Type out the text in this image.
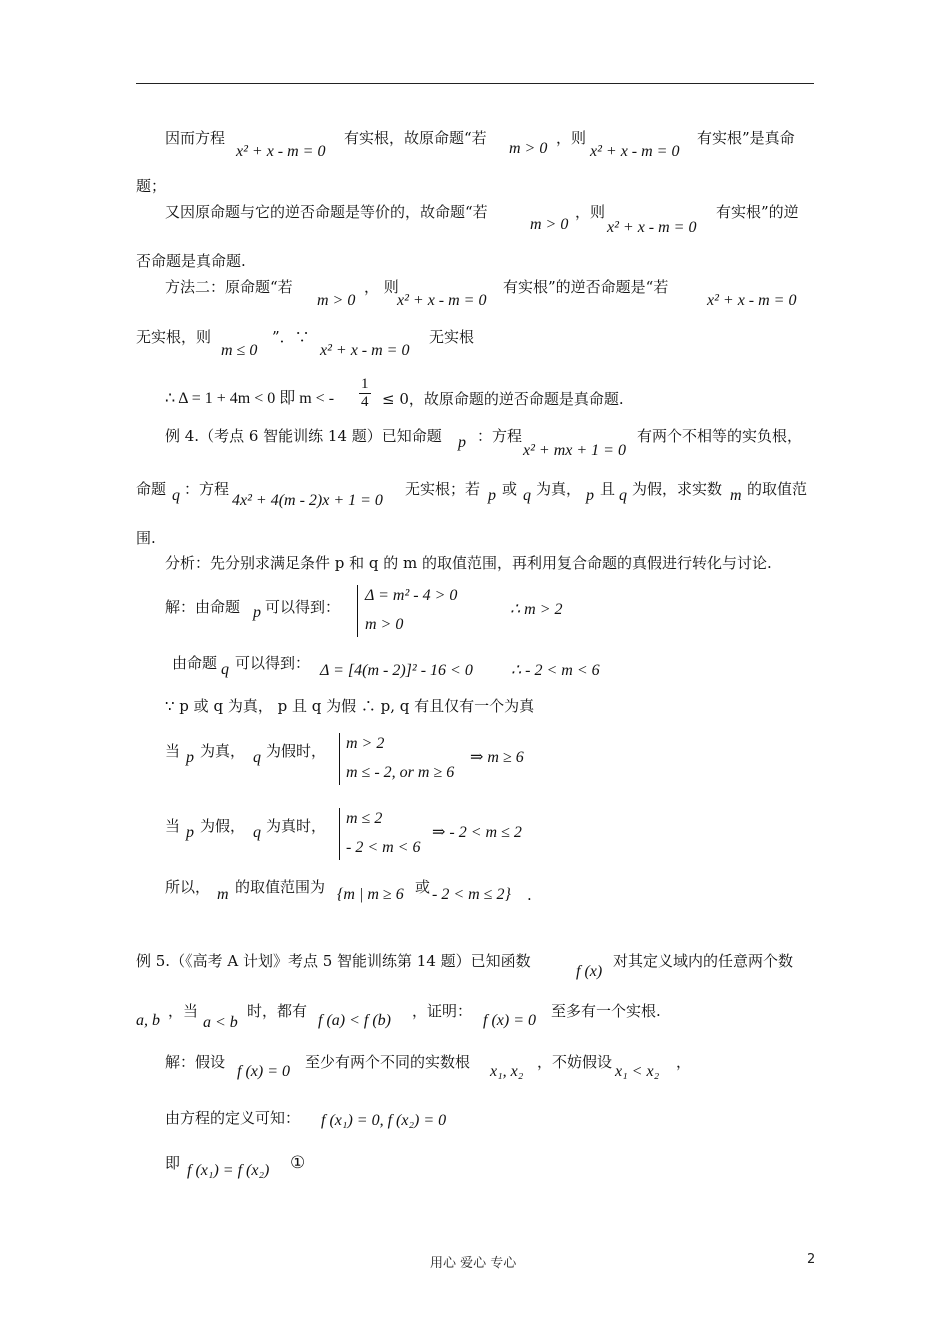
因而方程
x² + x - m = 0
有实根，故原命题“若
m > 0
，则
x² + x - m = 0
有实根”是真命
题；
又因原命题与它的逆否命题是等价的，故命题“若
m > 0
，则
x² + x - m = 0
有实根”的逆
否命题是真命题.
方法二：原命题“若
m > 0
， 则
x² + x - m = 0
有实根”的逆否命题是“若
x² + x - m = 0
无实根，则
m ≤ 0
”．∵
x² + x - m = 0
无实根
∴ Δ = 1 + 4m < 0 即 m < - $\frac{1}{4} \le 0$，故原命题的逆否命题是真命题.
例 4.（考点 6 智能训练 14 题）已知命题 p ：方程
x² + mx + 1 = 0
有两个不相等的实负根，
命题 q ：方程
4x² + 4(m - 2)x + 1 = 0
无实根；若 p 或 q 为真， p 且 q 为假，求实数 m 的取值范
围.
分析：先分别求满足条件 p 和 q 的 m 的取值范围，再利用复合命题的真假进行转化与讨论.
解：由命题 p 可以得到：
Δ = m² - 4 > 0
m > 0
∴ m > 2
由命题 q 可以得到： Δ = [4(m - 2)]² - 16 < 0 ∴ - 2 < m < 6
∵ p 或 q 为真， p 且 q 为假 ∴ p, q 有且仅有一个为真
当 p 为真， q 为假时， m > 2
m ≤ - 2, or m ≥ 6
⇒ m ≥ 6
当 p 为假， q 为真时， m ≤ 2
- 2 < m < 6
⇒ - 2 < m ≤ 2
所以， m 的取值范围为 {m | m ≥ 6 或 - 2 < m ≤ 2} .
例 5.（《高考 A 计划》考点 5 智能训练第 14 题）已知函数
f (x)
对其定义域内的任意两个数
a, b
，当
a < b
时，都有
f (a) < f (b)
，证明：
f (x) = 0
至多有一个实根.
解：假设
f (x) = 0
至少有两个不同的实数根
x₁, x₂
，不妨假设
x₁ < x₂
，
由方程的定义可知： f (x₁) = 0, f (x₂) = 0
即 f (x₁) = f (x₂) ①
用心 爱心 专心	2
